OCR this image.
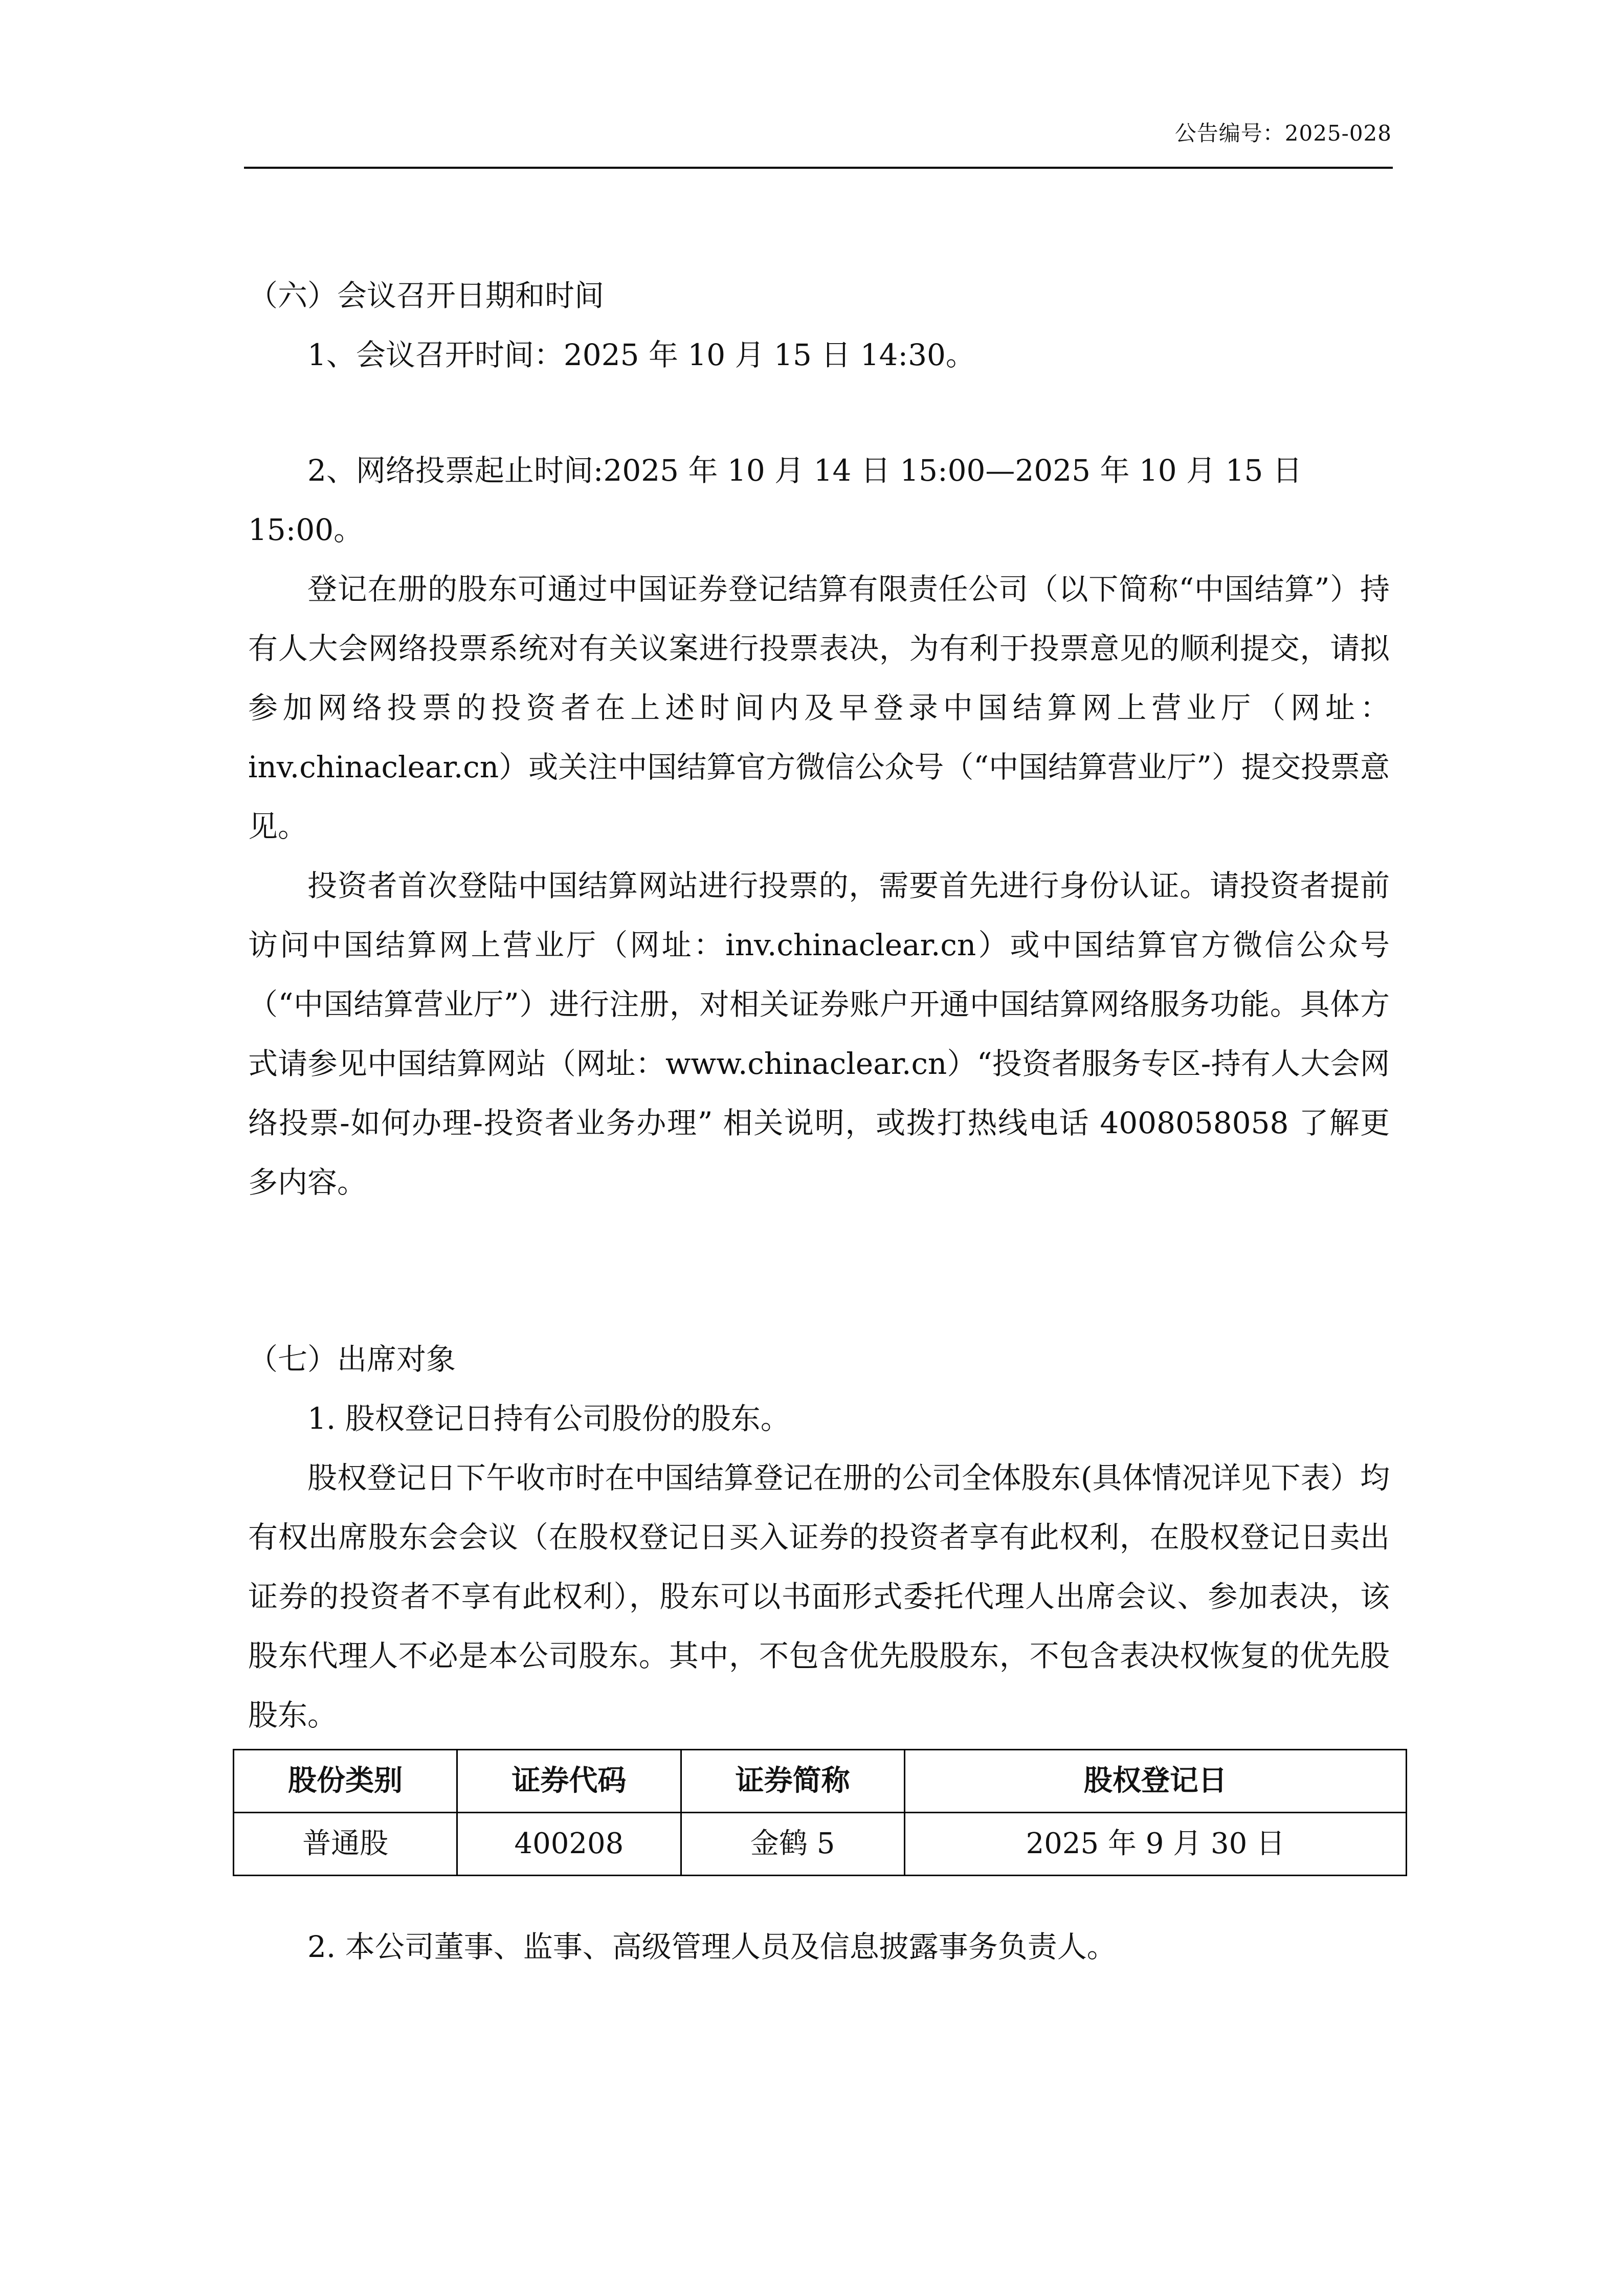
公告编号：2025-028

（六）会议召开日期和时间

1、会议召开时间：2025 年 10 月 15 日 14:30。

2、网络投票起止时间:2025 年 10 月 14 日 15:00—2025 年 10 月 15 日 15:00。

登记在册的股东可通过中国证券登记结算有限责任公司（以下简称“中国结算”）持有人大会网络投票系统对有关议案进行投票表决，为有利于投票意见的顺利提交，请拟参加网络投票的投资者在上述时间内及早登录中国结算网上营业厅（网址：inv.chinaclear.cn）或关注中国结算官方微信公众号（“中国结算营业厅”）提交投票意见。

投资者首次登陆中国结算网站进行投票的，需要首先进行身份认证。请投资者提前访问中国结算网上营业厅（网址：inv.chinaclear.cn）或中国结算官方微信公众号（“中国结算营业厅”）进行注册，对相关证券账户开通中国结算网络服务功能。具体方式请参见中国结算网站（网址：www.chinaclear.cn）“投资者服务专区-持有人大会网络投票-如何办理-投资者业务办理” 相关说明，或拨打热线电话 4008058058 了解更多内容。

（七）出席对象

1. 股权登记日持有公司股份的股东。

股权登记日下午收市时在中国结算登记在册的公司全体股东(具体情况详见下表）均有权出席股东会会议（在股权登记日买入证券的投资者享有此权利，在股权登记日卖出证券的投资者不享有此权利），股东可以书面形式委托代理人出席会议、参加表决，该股东代理人不必是本公司股东。其中，不包含优先股股东，不包含表决权恢复的优先股股东。

股份类别	证券代码	证券简称	股权登记日
普通股	400208	金鹤 5	2025 年 9 月 30 日

2. 本公司董事、监事、高级管理人员及信息披露事务负责人。
